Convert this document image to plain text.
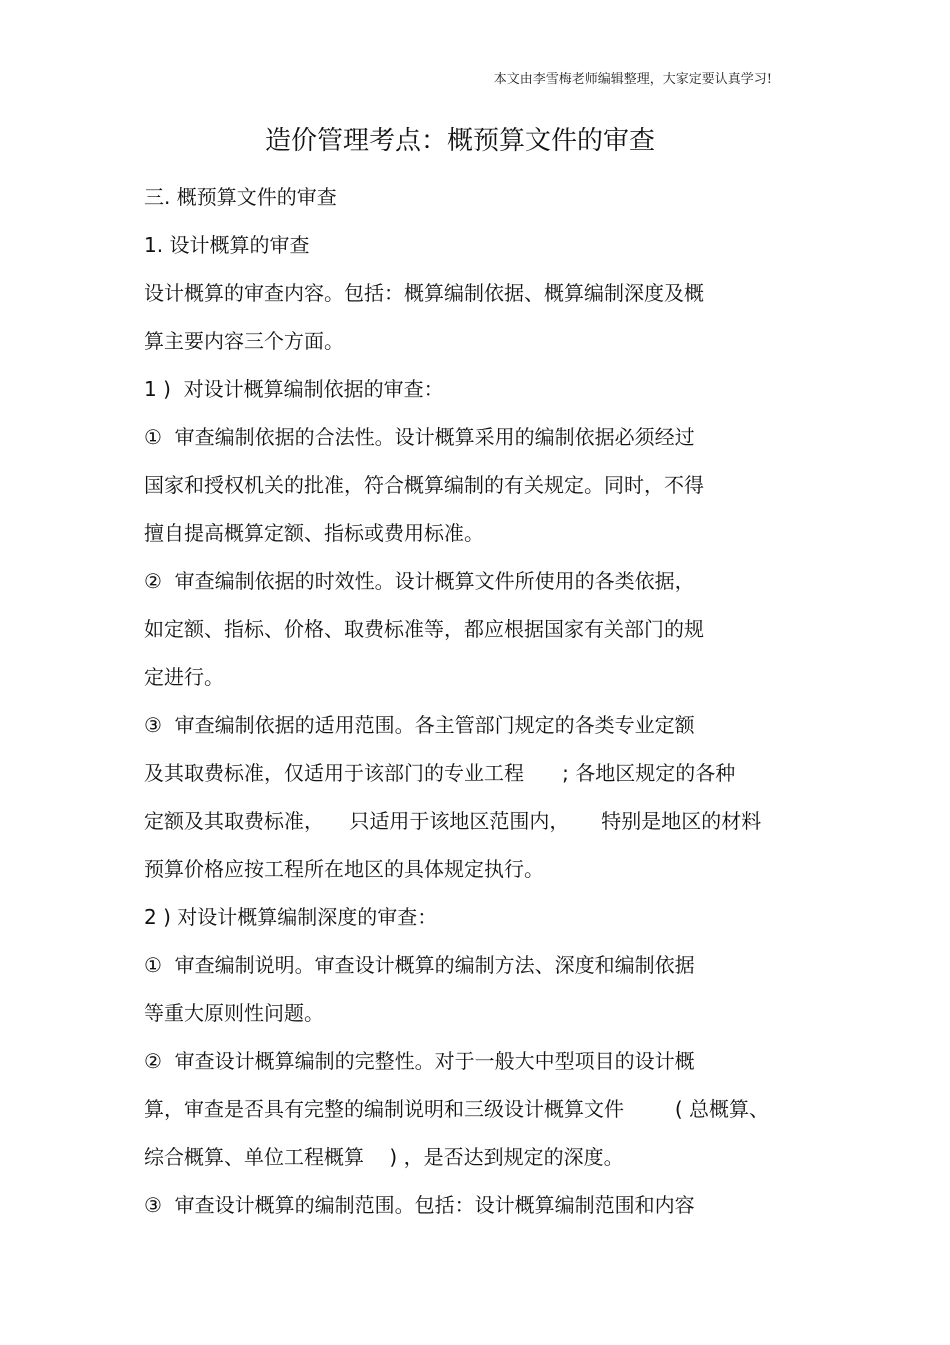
本文由李雪梅老师编辑整理，大家定要认真学习!
造价管理考点：概预算文件的审查
三. 概预算文件的审查
1. 设计概算的审查
设计概算的审查内容。包括：概算编制依据、概算编制深度及概
算主要内容三个方面。
1 )  对设计概算编制依据的审查：
①  审查编制依据的合法性。设计概算采用的编制依据必须经过
国家和授权机关的批准，符合概算编制的有关规定。同时，不得
擅自提高概算定额、指标或费用标准。
②  审查编制依据的时效性。设计概算文件所使用的各类依据，
如定额、指标、价格、取费标准等，都应根据国家有关部门的规
定进行。
③  审查编制依据的适用范围。各主管部门规定的各类专业定额
及其取费标准，仅适用于该部门的专业工程      ; 各地区规定的各种
定额及其取费标准，    只适用于该地区范围内，     特别是地区的材料
预算价格应按工程所在地区的具体规定执行。
2 ) 对设计概算编制深度的审查：
①  审查编制说明。审查设计概算的编制方法、深度和编制依据
等重大原则性问题。
②  审查设计概算编制的完整性。对于一般大中型项目的设计概
算，审查是否具有完整的编制说明和三级设计概算文件        ( 总概算、
综合概算、单位工程概算    ) ，是否达到规定的深度。
③  审查设计概算的编制范围。包括：设计概算编制范围和内容
